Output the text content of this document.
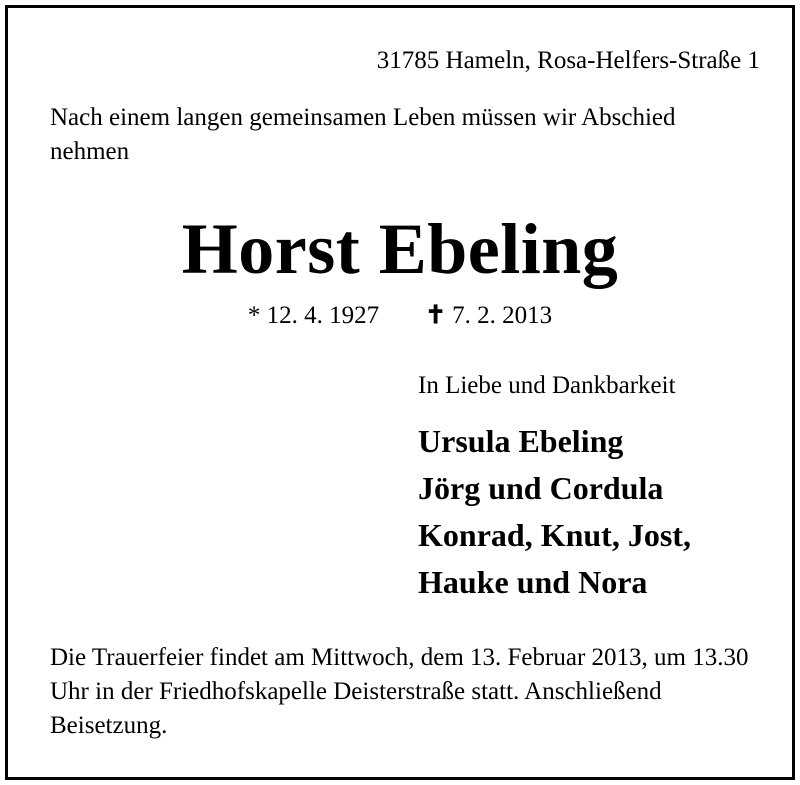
31785 Hameln, Rosa-Helfers-Straße 1
Nach einem langen gemeinsamen Leben müssen wir Abschied nehmen
Horst Ebeling
* 12. 4. 1927 ✝ 7. 2. 2013
In Liebe und Dankbarkeit
Ursula Ebeling
Jörg und Cordula
Konrad, Knut, Jost,
Hauke und Nora
Die Trauerfeier findet am Mittwoch, dem 13. Februar 2013, um 13.30 Uhr in der Friedhofskapelle Deisterstraße statt. Anschließend Beisetzung.
